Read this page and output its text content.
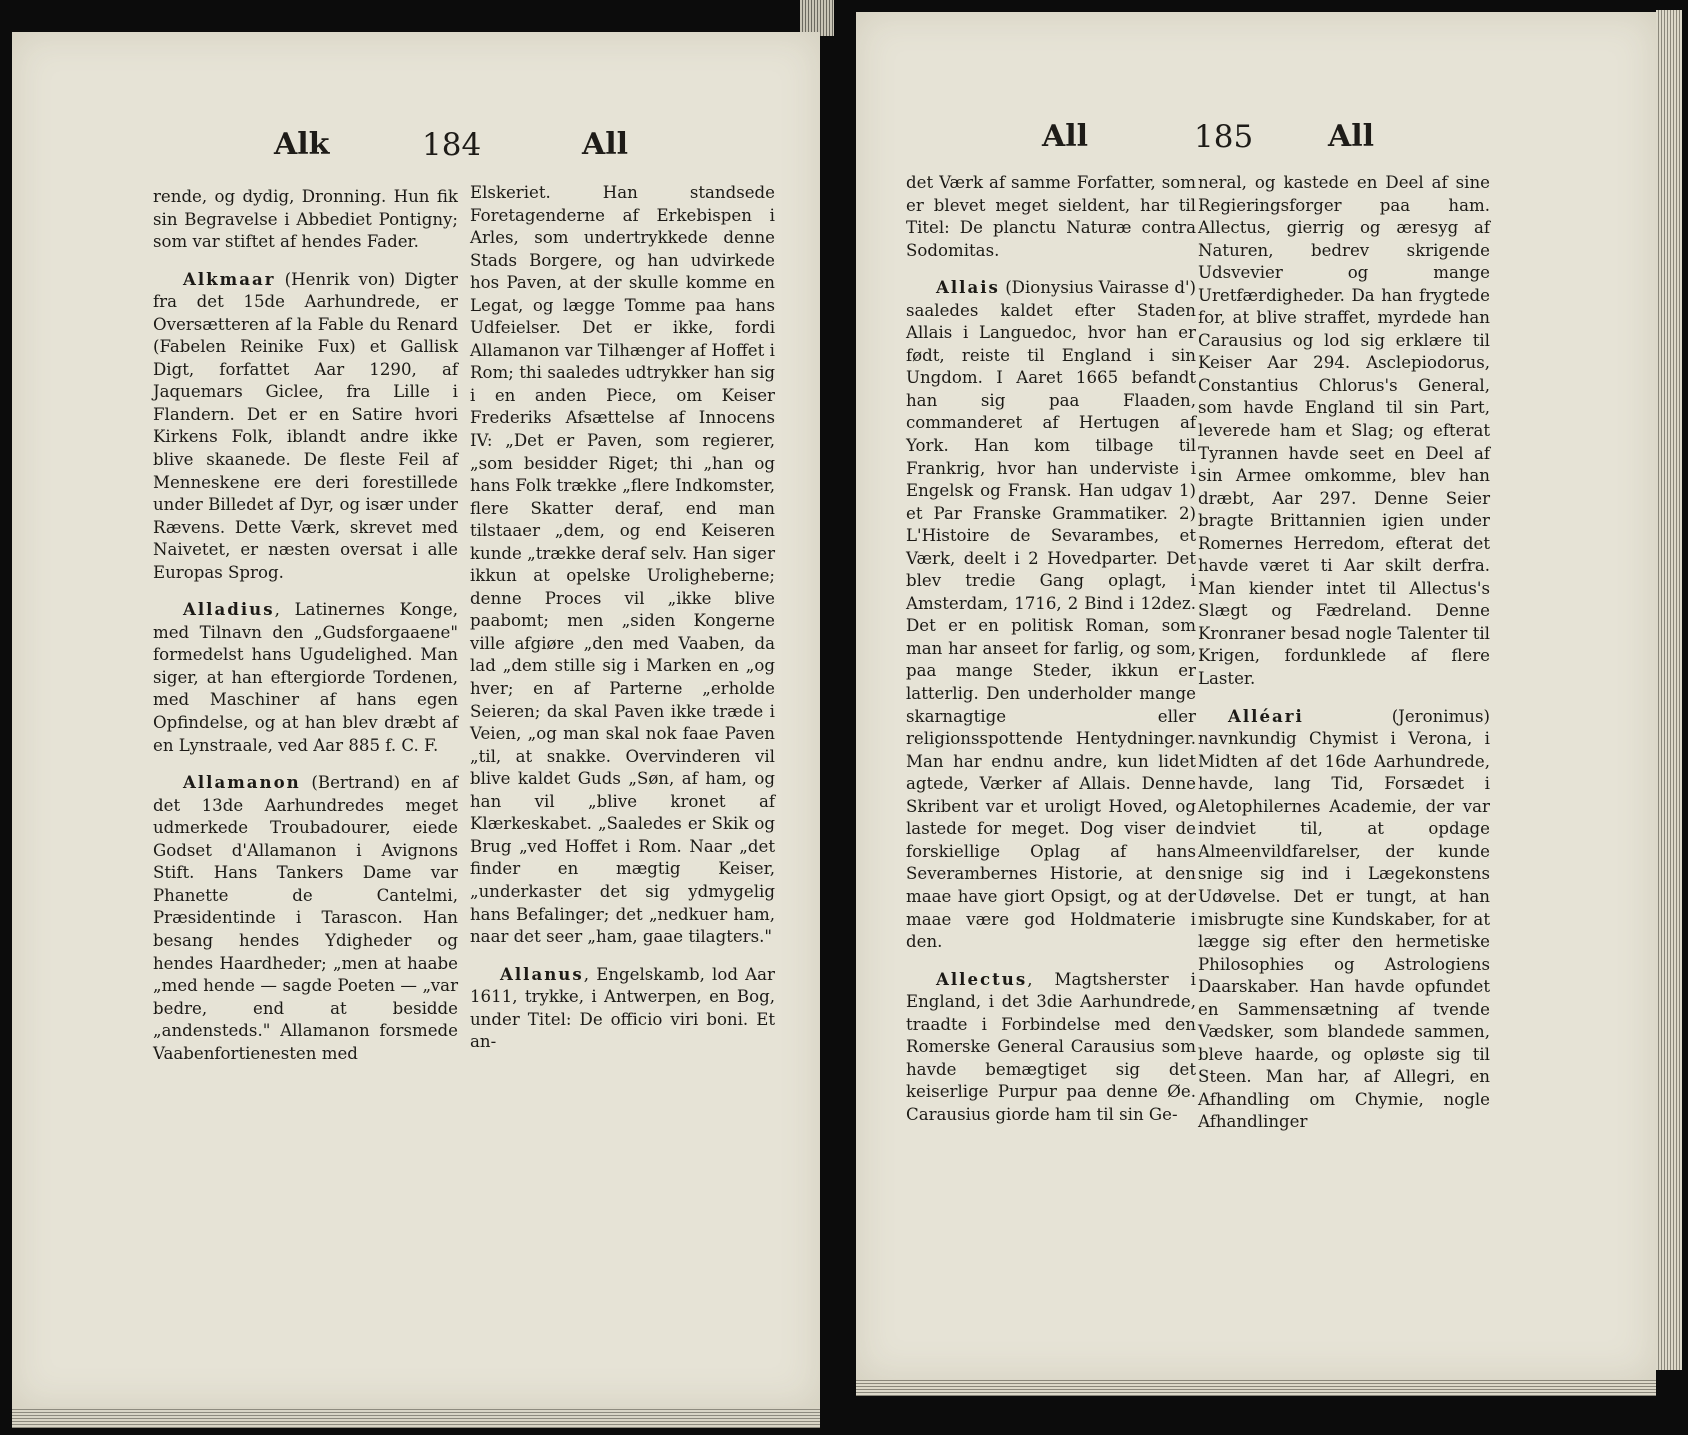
Alk	184	All

rende, og dydig, Dronning. Hun fik sin Begravelse i Abbediet Pontigny; som var stiftet af hendes Fader.

Alkmaar (Henrik von) Digter fra det 15de Aarhundrede, er Oversætteren af la Fable du Renard (Fabelen Reinike Fux) et Gallisk Digt, forfattet Aar 1290, af Jaquemars Giclee, fra Lille i Flandern. Det er en Satire hvori Kirkens Folk, iblandt andre ikke blive skaanede. De fleste Feil af Menneskene ere deri forestillede under Billedet af Dyr, og især under Rævens. Dette Værk, skrevet med Naivetet, er næsten oversat i alle Europas Sprog.

Alladius, Latinernes Konge, med Tilnavn den „Gudsforgaaene" formedelst hans Ugudelighed. Man siger, at han eftergiorde Tordenen, med Maschiner af hans egen Opfindelse, og at han blev dræbt af en Lynstraale, ved Aar 885 f. C. F.

Allamanon (Bertrand) en af det 13de Aarhundredes meget udmerkede Troubadourer, eiede Godset d'Allamanon i Avignons Stift. Hans Tankers Dame var Phanette de Cantelmi, Præsidentinde i Tarascon. Han besang hendes Ydigheder og hendes Haardheder; „men at haabe „med hende — sagde Poeten — „var bedre, end at besidde „andensteds." Allamanon forsmede Vaabenfortienesten med

Elskeriet. Han standsede Foretagenderne af Erkebispen i Arles, som undertrykkede denne Stads Borgere, og han udvirkede hos Paven, at der skulle komme en Legat, og lægge Tomme paa hans Udfeielser. Det er ikke, fordi Allamanon var Tilhænger af Hoffet i Rom; thi saaledes udtrykker han sig i en anden Piece, om Keiser Frederiks Afsættelse af Innocens IV: „Det er Paven, som regierer, „som besidder Riget; thi „han og hans Folk trække „flere Indkomster, flere Skatter deraf, end man tilstaaer „dem, og end Keiseren kunde „trække deraf selv. Han siger ikkun at opelske Uroligheberne; denne Proces vil „ikke blive paabomt; men „siden Kongerne ville afgiøre „den med Vaaben, da lad „dem stille sig i Marken en „og hver; en af Parterne „erholde Seieren; da skal Paven ikke træde i Veien, „og man skal nok faae Paven „til, at snakke. Overvinderen vil blive kaldet Guds „Søn, af ham, og han vil „blive kronet af Klærkeskabet. „Saaledes er Skik og Brug „ved Hoffet i Rom. Naar „det finder en mægtig Keiser, „underkaster det sig ydmygelig hans Befalinger; det „nedkuer ham, naar det seer „ham, gaae tilagters."

Allanus, Engelskamb, lod Aar 1611, trykke, i Antwerpen, en Bog, under Titel: De officio viri boni. Et an-

All	185 All

det Værk af samme Forfatter, som er blevet meget sieldent, har til Titel: De planctu Naturæ contra Sodomitas.

Allais (Dionysius Vairasse d') saaledes kaldet efter Staden Allais i Languedoc, hvor han er født, reiste til England i sin Ungdom. I Aaret 1665 befandt han sig paa Flaaden, commanderet af Hertugen af York. Han kom tilbage til Frankrig, hvor han underviste i Engelsk og Fransk. Han udgav 1) et Par Franske Grammatiker. 2) L'Histoire de Sevarambes, et Værk, deelt i 2 Hovedparter. Det blev tredie Gang oplagt, i Amsterdam, 1716, 2 Bind i 12dez. Det er en politisk Roman, som man har anseet for farlig, og som, paa mange Steder, ikkun er latterlig. Den underholder mange skarnagtige eller religionsspottende Hentydninger. Man har endnu andre, kun lidet agtede, Værker af Allais. Denne Skribent var et uroligt Hoved, og lastede for meget. Dog viser de forskiellige Oplag af hans Severambernes Historie, at den maae have giort Opsigt, og at der maae være god Holdmaterie i den.

Allectus, Magtsherster i England, i det 3die Aarhundrede, traadte i Forbindelse med den Romerske General Carausius som havde bemægtiget sig det keiserlige Purpur paa denne Øe. Carausius giorde ham til sin Ge-

neral, og kastede en Deel af sine Regieringsforger paa ham. Allectus, gierrig og æresyg af Naturen, bedrev skrigende Udsvevier og mange Uretfærdigheder. Da han frygtede for, at blive straffet, myrdede han Carausius og lod sig erklære til Keiser Aar 294. Asclepiodorus, Constantius Chlorus's General, som havde England til sin Part, leverede ham et Slag; og efterat Tyrannen havde seet en Deel af sin Armee omkomme, blev han dræbt, Aar 297. Denne Seier bragte Brittannien igien under Romernes Herredom, efterat det havde været ti Aar skilt derfra. Man kiender intet til Allectus's Slægt og Fædreland. Denne Kronraner besad nogle Talenter til Krigen, fordunklede af flere Laster.

Alléari (Jeronimus) navnkundig Chymist i Verona, i Midten af det 16de Aarhundrede, havde, lang Tid, Forsædet i Aletophilernes Academie, der var indviet til, at opdage Almeenvildfarelser, der kunde snige sig ind i Lægekonstens Udøvelse. Det er tungt, at han misbrugte sine Kundskaber, for at lægge sig efter den hermetiske Philosophies og Astrologiens Daarskaber. Han havde opfundet en Sammensætning af tvende Vædsker, som blandede sammen, bleve haarde, og opløste sig til Steen. Man har, af Allegri, en Afhandling om Chymie, nogle Afhandlinger
